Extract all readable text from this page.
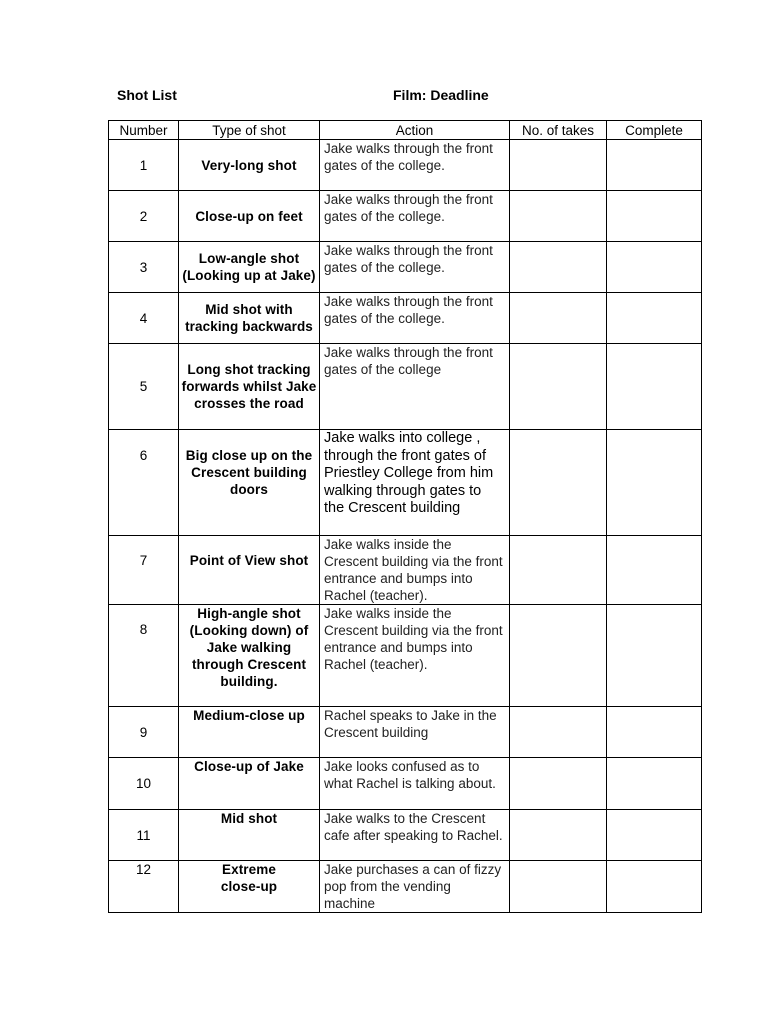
Shot List	Film: Deadline
Number	Type of shot	Action	No. of takes	Complete
1	Very-long shot	Jake walks through the front gates of the college.		
2	Close-up on feet	Jake walks through the front gates of the college.		
3	Low-angle shot (Looking up at Jake)	Jake walks through the front gates of the college.		
4	Mid shot with tracking backwards	Jake walks through the front gates of the college.		
5	Long shot tracking forwards whilst Jake crosses the road	Jake walks through the front gates of the college		
6	Big close up on the Crescent building doors	Jake walks into college , through the front gates of Priestley College from him walking through gates to the Crescent building		
7	Point of View shot	Jake walks inside the Crescent building via the front entrance and bumps into Rachel (teacher).		
8	High-angle shot (Looking down) of Jake walking through Crescent building.	Jake walks inside the Crescent building via the front entrance and bumps into Rachel (teacher).		
9	Medium-close up	Rachel speaks to Jake in the Crescent building		
10	Close-up of Jake	Jake looks confused as to what Rachel is talking about.		
11	Mid shot	Jake walks to the Crescent cafe after speaking to Rachel.		
12	Extreme close-up	Jake purchases a can of fizzy pop from the vending machine		
